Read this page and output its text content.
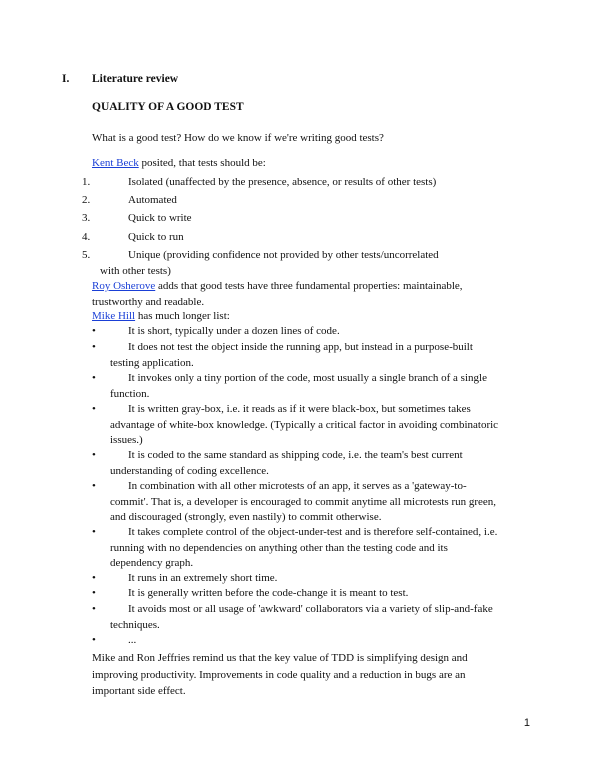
I. Literature review
QUALITY OF A GOOD TEST
What is a good test? How do we know if we're writing good tests?
Kent Beck posited, that tests should be:
1.	Isolated (unaffected by the presence, absence, or results of other tests)
2.	Automated
3.	Quick to write
4.	Quick to run
5.	Unique (providing confidence not provided by other tests/uncorrelated
with other tests)
Roy Osherove adds that good tests have three fundamental properties: maintainable,
trustworthy and readable.
Mike Hill has much longer list:
•	It is short, typically under a dozen lines of code.
•	It does not test the object inside the running app, but instead in a purpose-built
testing application.
•	It invokes only a tiny portion of the code, most usually a single branch of a single
function.
•	It is written gray-box, i.e. it reads as if it were black-box, but sometimes takes
advantage of white-box knowledge. (Typically a critical factor in avoiding combinatoric
issues.)
•	It is coded to the same standard as shipping code, i.e. the team's best current
understanding of coding excellence.
•	In combination with all other microtests of an app, it serves as a 'gateway-to-
commit'. That is, a developer is encouraged to commit anytime all microtests run green,
and discouraged (strongly, even nastily) to commit otherwise.
•	It takes complete control of the object-under-test and is therefore self-contained, i.e.
running with no dependencies on anything other than the testing code and its
dependency graph.
•	It runs in an extremely short time.
•	It is generally written before the code-change it is meant to test.
•	It avoids most or all usage of 'awkward' collaborators via a variety of slip-and-fake
techniques.
•	...
Mike and Ron Jeffries remind us that the key value of TDD is simplifying design and
improving productivity. Improvements in code quality and a reduction in bugs are an
important side effect.
1
